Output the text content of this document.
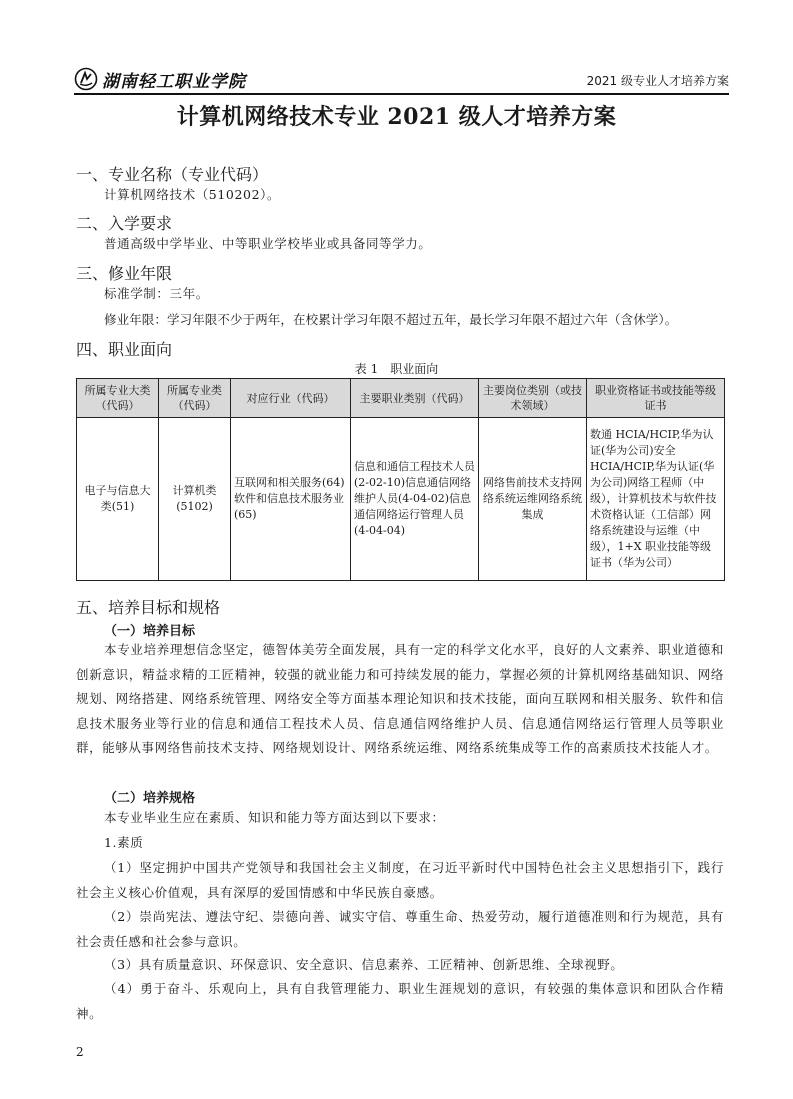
湖南轻工职业学院	2021 级专业人才培养方案
计算机网络技术专业 2021 级人才培养方案
一、专业名称（专业代码）
计算机网络技术（510202）。
二、入学要求
普通高级中学毕业、中等职业学校毕业或具备同等学力。
三、修业年限
标准学制：三年。
修业年限：学习年限不少于两年，在校累计学习年限不超过五年，最长学习年限不超过六年（含休学）。
四、职业面向
表 1　职业面向
所属专业大类（代码）	所属专业类（代码）	对应行业（代码）	主要职业类别（代码）	主要岗位类别（或技术领域）	职业资格证书或技能等级证书
电子与信息大类(51)	计算机类(5102)	互联网和相关服务(64)软件和信息技术服务业(65)	信息和通信工程技术人员(2-02-10)信息通信网络维护人员(4-04-02)信息通信网络运行管理人员(4-04-04)	网络售前技术支持网络系统运维网络系统集成	数通 HCIA/HCIP,华为认证(华为公司)安全 HCIA/HCIP,华为认证(华为公司)网络工程师（中级），计算机技术与软件技术资格认证（工信部）网络系统建设与运维（中级），1+X 职业技能等级证书（华为公司）
五、培养目标和规格
（一）培养目标
本专业培养理想信念坚定，德智体美劳全面发展，具有一定的科学文化水平，良好的人文素养、职业道德和创新意识，精益求精的工匠精神，较强的就业能力和可持续发展的能力，掌握必须的计算机网络基础知识、网络规划、网络搭建、网络系统管理、网络安全等方面基本理论知识和技术技能，面向互联网和相关服务、软件和信息技术服务业等行业的信息和通信工程技术人员、信息通信网络维护人员、信息通信网络运行管理人员等职业群，能够从事网络售前技术支持、网络规划设计、网络系统运维、网络系统集成等工作的高素质技术技能人才。
（二）培养规格
本专业毕业生应在素质、知识和能力等方面达到以下要求：
1.素质
（1）坚定拥护中国共产党领导和我国社会主义制度，在习近平新时代中国特色社会主义思想指引下，践行社会主义核心价值观，具有深厚的爱国情感和中华民族自豪感。
（2）崇尚宪法、遵法守纪、崇德向善、诚实守信、尊重生命、热爱劳动，履行道德准则和行为规范，具有社会责任感和社会参与意识。
（3）具有质量意识、环保意识、安全意识、信息素养、工匠精神、创新思维、全球视野。
（4）勇于奋斗、乐观向上，具有自我管理能力、职业生涯规划的意识，有较强的集体意识和团队合作精神。
2
